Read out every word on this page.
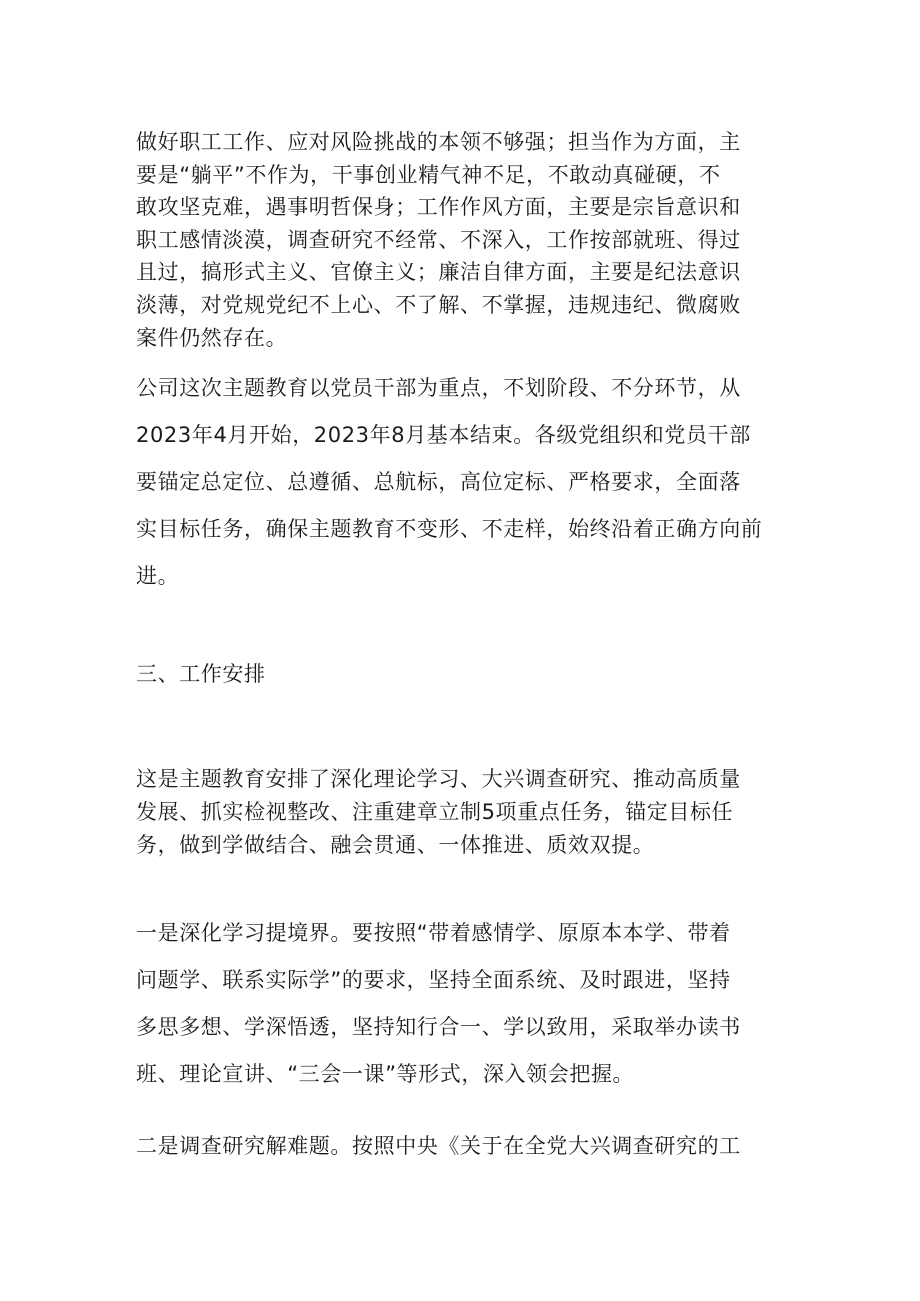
做好职工工作、应对风险挑战的本领不够强；担当作为方面，主
要是“躺平”不作为，干事创业精气神不足，不敢动真碰硬，不
敢攻坚克难，遇事明哲保身；工作作风方面，主要是宗旨意识和
职工感情淡漠，调查研究不经常、不深入，工作按部就班、得过
且过，搞形式主义、官僚主义；廉洁自律方面，主要是纪法意识
淡薄，对党规党纪不上心、不了解、不掌握，违规违纪、微腐败
案件仍然存在。
公司这次主题教育以党员干部为重点，不划阶段、不分环节，从
2023年4月开始，2023年8月基本结束。各级党组织和党员干部
要锚定总定位、总遵循、总航标，高位定标、严格要求，全面落
实目标任务，确保主题教育不变形、不走样，始终沿着正确方向前
进。
三、工作安排
这是主题教育安排了深化理论学习、大兴调查研究、推动高质量
发展、抓实检视整改、注重建章立制5项重点任务，锚定目标任
务，做到学做结合、融会贯通、一体推进、质效双提。
一是深化学习提境界。要按照“带着感情学、原原本本学、带着
问题学、联系实际学”的要求，坚持全面系统、及时跟进，坚持
多思多想、学深悟透，坚持知行合一、学以致用，采取举办读书
班、理论宣讲、“三会一课”等形式，深入领会把握。
二是调查研究解难题。按照中央《关于在全党大兴调查研究的工
